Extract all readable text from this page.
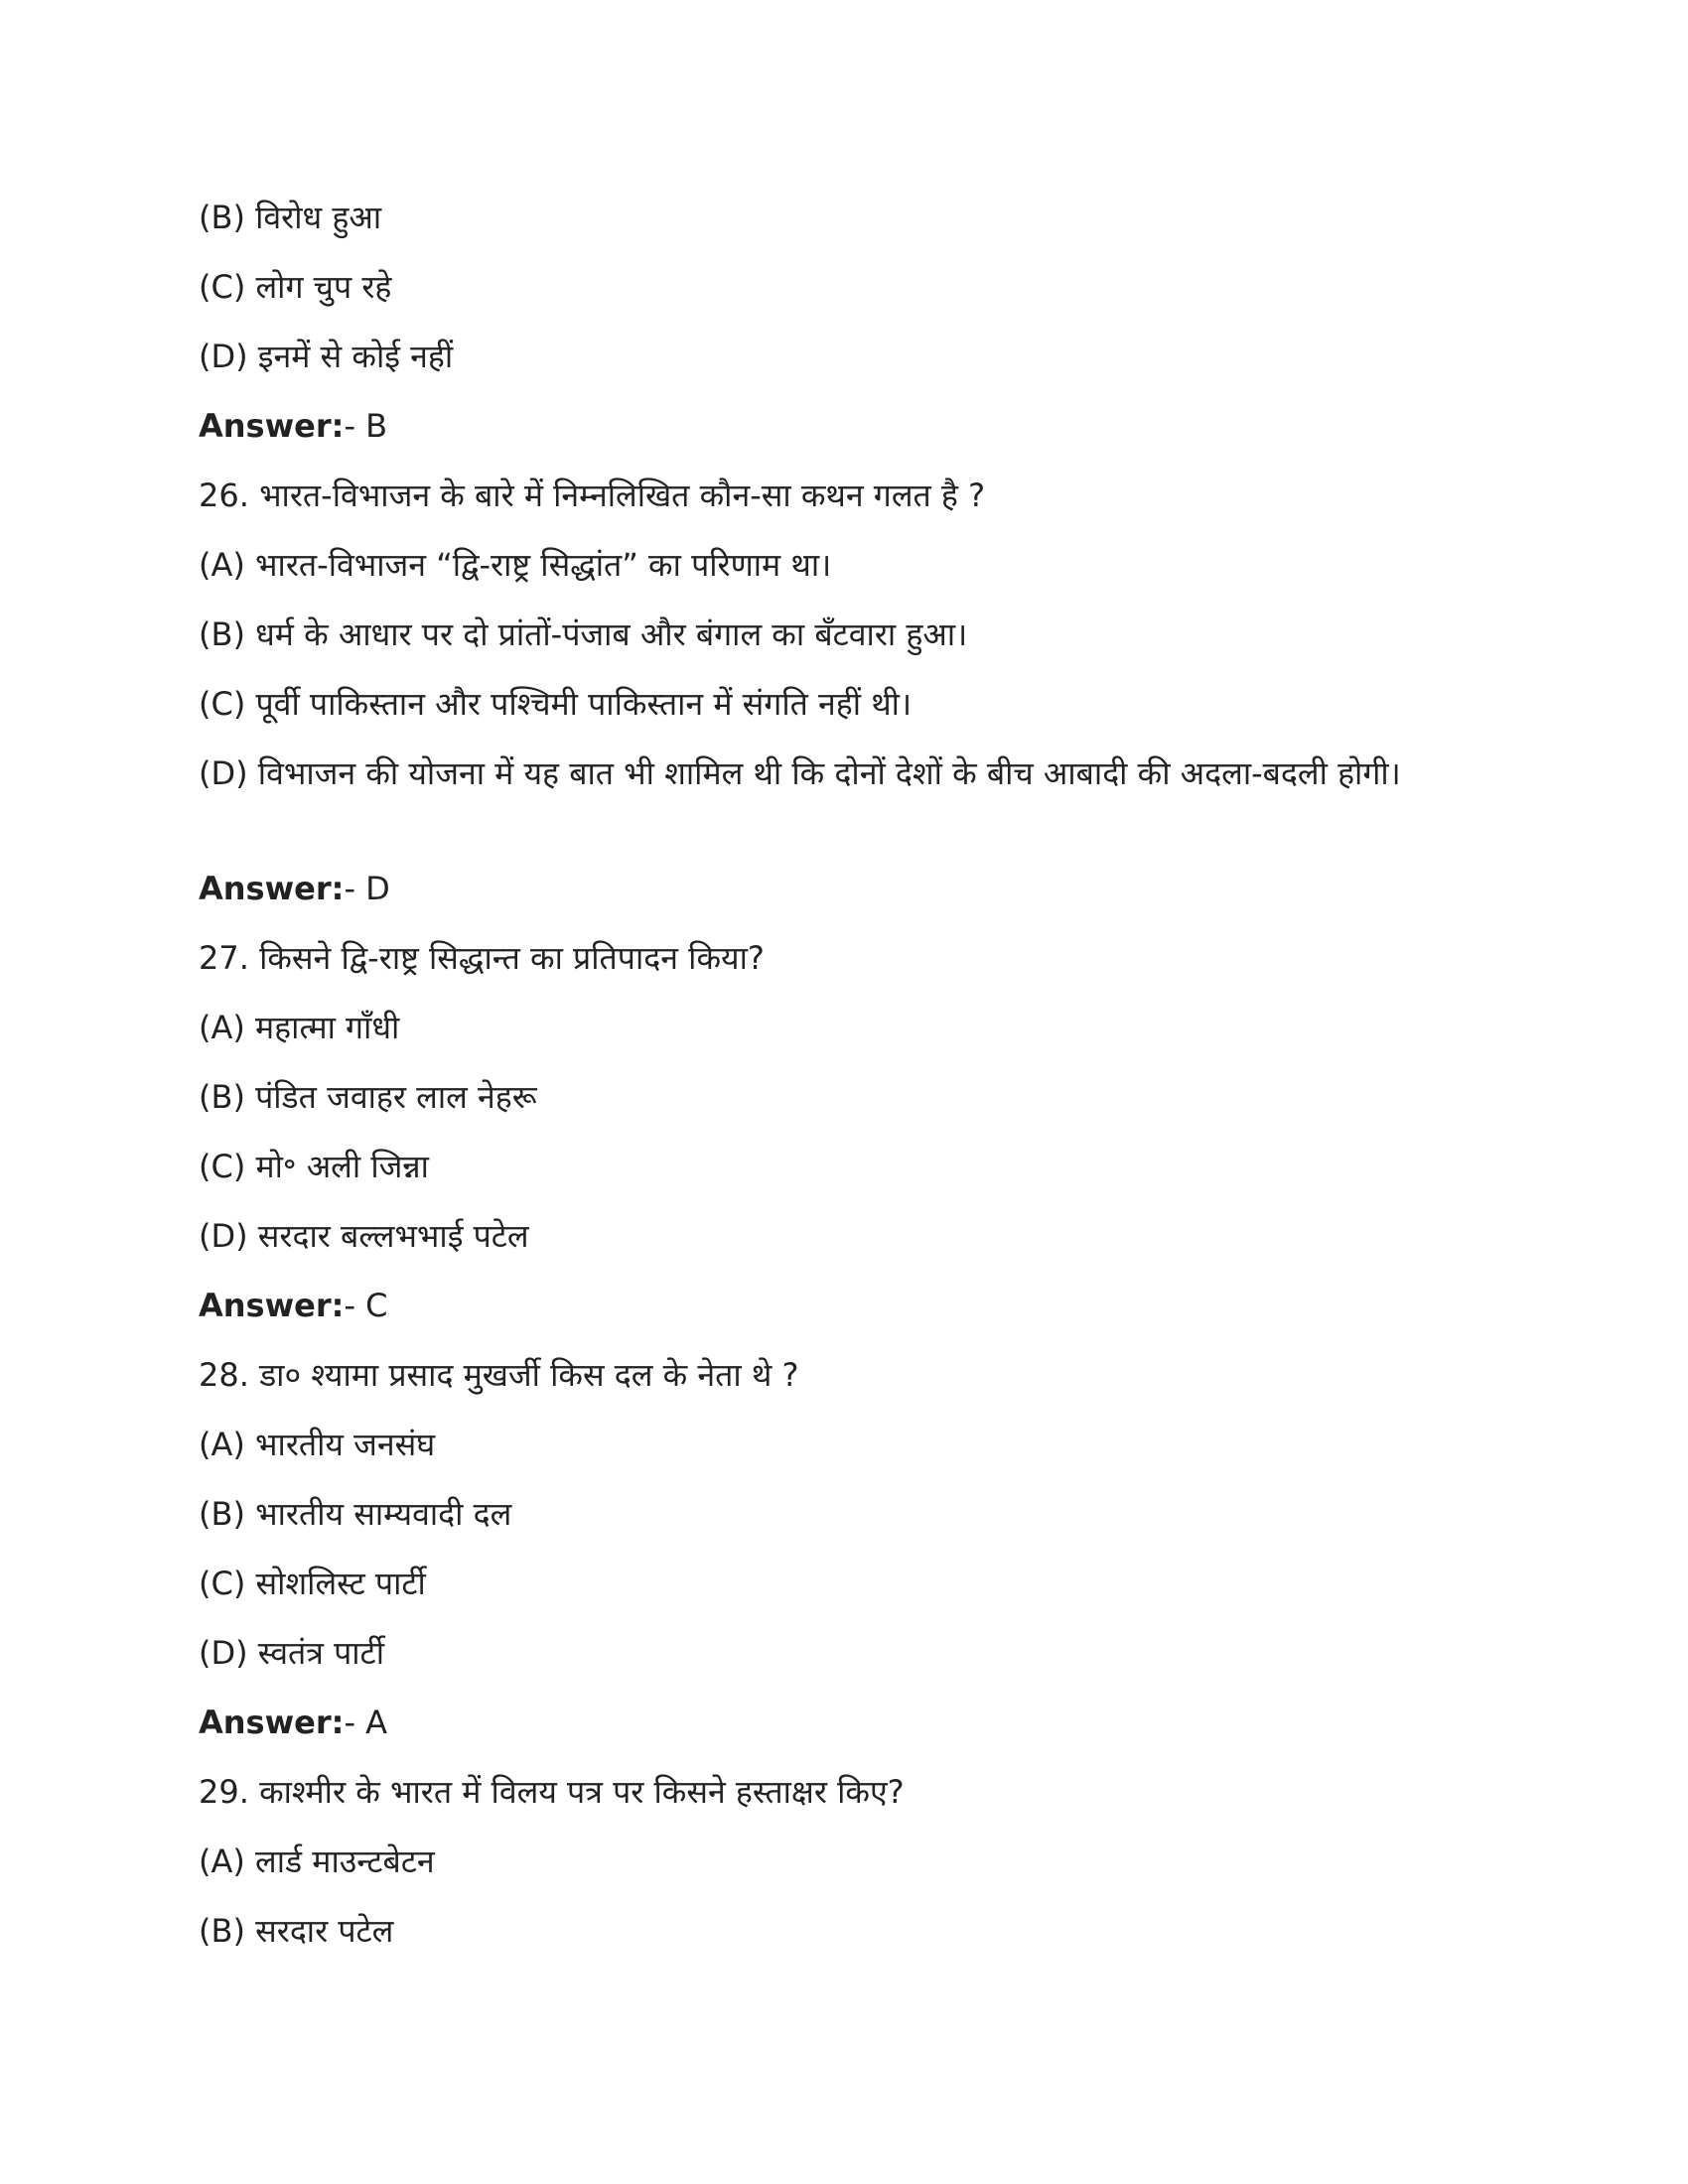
(B) विरोध हुआ
(C) लोग चुप रहे
(D) इनमें से कोई नहीं
Answer:- B
26. भारत-विभाजन के बारे में निम्नलिखित कौन-सा कथन गलत है ?
(A) भारत-विभाजन “द्वि-राष्ट्र सिद्धांत” का परिणाम था।
(B) धर्म के आधार पर दो प्रांतों-पंजाब और बंगाल का बँटवारा हुआ।
(C) पूर्वी पाकिस्तान और पश्चिमी पाकिस्तान में संगति नहीं थी।
(D) विभाजन की योजना में यह बात भी शामिल थी कि दोनों देशों के बीच आबादी की अदला-बदली होगी।
Answer:- D
27. किसने द्वि-राष्ट्र सिद्धान्त का प्रतिपादन किया?
(A) महात्मा गाँधी
(B) पंडित जवाहर लाल नेहरू
(C) मो॰ अली जिन्ना
(D) सरदार बल्लभभाई पटेल
Answer:- C
28. डा० श्यामा प्रसाद मुखर्जी किस दल के नेता थे ?
(A) भारतीय जनसंघ
(B) भारतीय साम्यवादी दल
(C) सोशलिस्ट पार्टी
(D) स्वतंत्र पार्टी
Answer:- A
29. काश्मीर के भारत में विलय पत्र पर किसने हस्ताक्षर किए?
(A) लार्ड माउन्टबेटन
(B) सरदार पटेल
